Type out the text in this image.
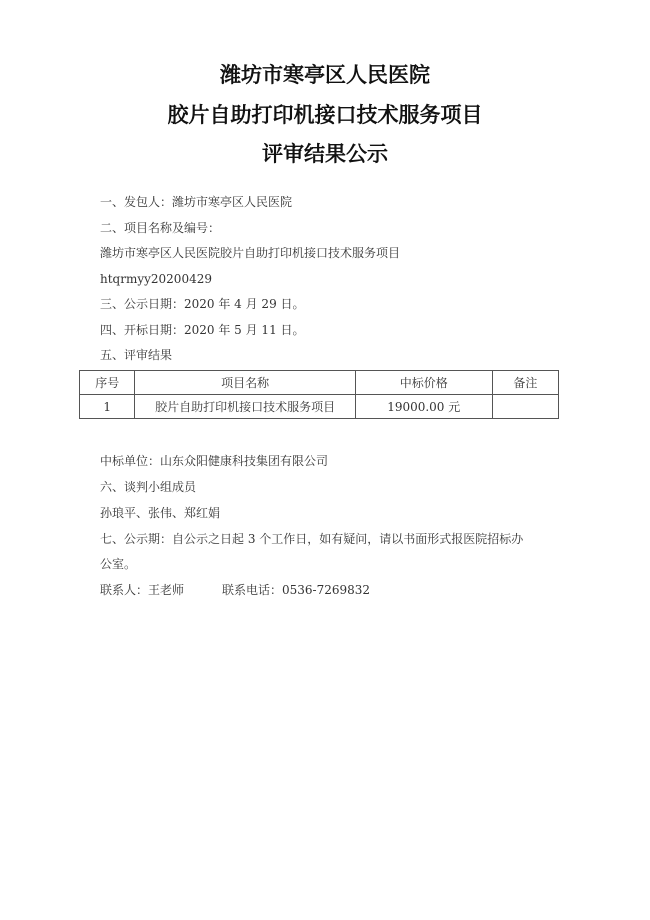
潍坊市寒亭区人民医院
胶片自助打印机接口技术服务项目
评审结果公示
一、发包人：潍坊市寒亭区人民医院
二、项目名称及编号：
潍坊市寒亭区人民医院胶片自助打印机接口技术服务项目
htqrmyy20200429
三、公示日期：2020 年 4 月 29 日。
四、开标日期：2020 年 5 月 11 日。
五、评审结果
序号	项目名称	中标价格	备注
1	胶片自助打印机接口技术服务项目	19000.00 元	
中标单位：山东众阳健康科技集团有限公司
六、谈判小组成员
孙琅平、张伟、郑红娟
七、公示期：自公示之日起 3 个工作日，如有疑问，请以书面形式报医院招标办
公室。
联系人：王老师	联系电话：0536-7269832
